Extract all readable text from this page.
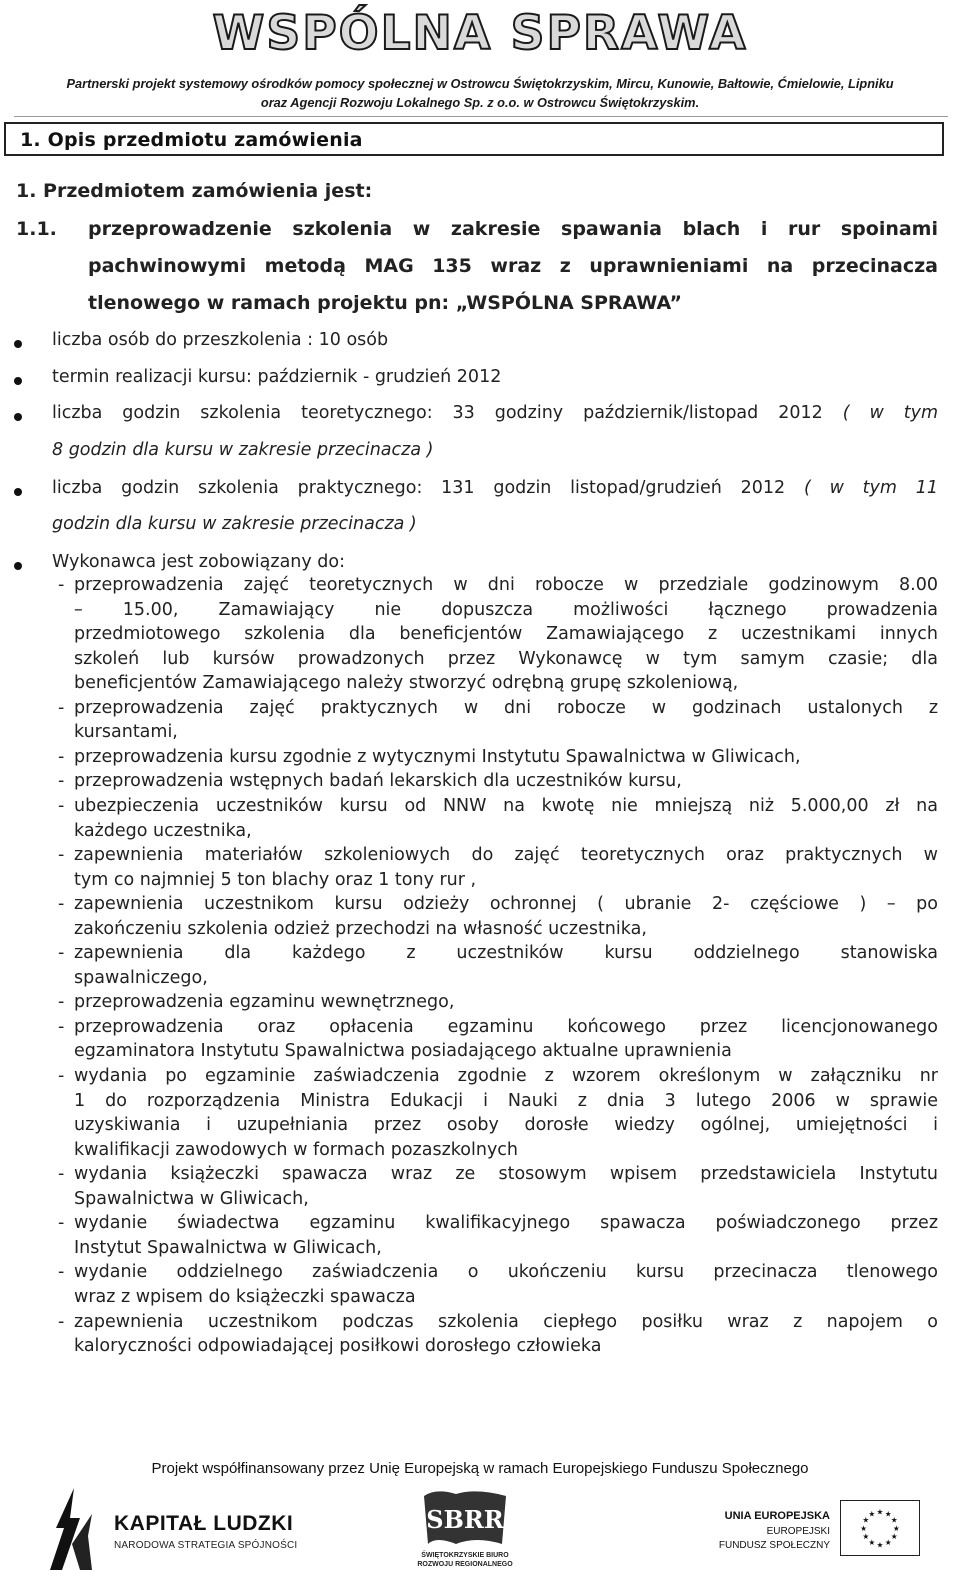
WSPÓLNA SPRAWA
Partnerski projekt systemowy ośrodków pomocy społecznej w Ostrowcu Świętokrzyskim, Mircu, Kunowie, Bałtowie, Ćmielowie, Lipniku
oraz Agencji Rozwoju Lokalnego Sp. z o.o. w Ostrowcu Świętokrzyskim.
1. Opis przedmiotu zamówienia
1. Przedmiotem zamówienia jest:
1.1. przeprowadzenie szkolenia w zakresie spawania blach i rur spoinami
pachwinowymi metodą MAG 135 wraz z uprawnieniami na przecinacza
tlenowego w ramach projektu pn: „WSPÓLNA SPRAWA”
liczba osób do przeszkolenia : 10 osób
termin realizacji kursu: październik - grudzień 2012
liczba godzin szkolenia teoretycznego: 33 godziny październik/listopad 2012 ( w tym
8 godzin dla kursu w zakresie przecinacza )
liczba godzin szkolenia praktycznego: 131 godzin listopad/grudzień 2012 ( w tym 11
godzin dla kursu w zakresie przecinacza )
Wykonawca jest zobowiązany do:
- przeprowadzenia zajęć teoretycznych w dni robocze w przedziale godzinowym 8.00
– 15.00, Zamawiający nie dopuszcza możliwości łącznego prowadzenia
przedmiotowego szkolenia dla beneficjentów Zamawiającego z uczestnikami innych
szkoleń lub kursów prowadzonych przez Wykonawcę w tym samym czasie; dla
beneficjentów Zamawiającego należy stworzyć odrębną grupę szkoleniową,
- przeprowadzenia zajęć praktycznych w dni robocze w godzinach ustalonych z
kursantami,
- przeprowadzenia kursu zgodnie z wytycznymi Instytutu Spawalnictwa w Gliwicach,
- przeprowadzenia wstępnych badań lekarskich dla uczestników kursu,
- ubezpieczenia uczestników kursu od NNW na kwotę nie mniejszą niż 5.000,00 zł na
każdego uczestnika,
- zapewnienia materiałów szkoleniowych do zajęć teoretycznych oraz praktycznych w
tym co najmniej 5 ton blachy oraz 1 tony rur ,
- zapewnienia uczestnikom kursu odzieży ochronnej ( ubranie 2- częściowe ) – po
zakończeniu szkolenia odzież przechodzi na własność uczestnika,
- zapewnienia dla każdego z uczestników kursu oddzielnego stanowiska
spawalniczego,
- przeprowadzenia egzaminu wewnętrznego,
- przeprowadzenia oraz opłacenia egzaminu końcowego przez licencjonowanego
egzaminatora Instytutu Spawalnictwa posiadającego aktualne uprawnienia
- wydania po egzaminie zaświadczenia zgodnie z wzorem określonym w załączniku nr
1 do rozporządzenia Ministra Edukacji i Nauki z dnia 3 lutego 2006 w sprawie
uzyskiwania i uzupełniania przez osoby dorosłe wiedzy ogólnej, umiejętności i
kwalifikacji zawodowych w formach pozaszkolnych
- wydania książeczki spawacza wraz ze stosowym wpisem przedstawiciela Instytutu
Spawalnictwa w Gliwicach,
- wydanie świadectwa egzaminu kwalifikacyjnego spawacza poświadczonego przez
Instytut Spawalnictwa w Gliwicach,
- wydanie oddzielnego zaświadczenia o ukończeniu kursu przecinacza tlenowego
wraz z wpisem do książeczki spawacza
- zapewnienia uczestnikom podczas szkolenia ciepłego posiłku wraz z napojem o
kaloryczności odpowiadającej posiłkowi dorosłego człowieka
Projekt współfinansowany przez Unię Europejską w ramach Europejskiego Funduszu Społecznego
KAPITAŁ LUDZKI
NARODOWA STRATEGIA SPÓJNOŚCI
SBRR
ŚWIĘTOKRZYSKIE BIURO
ROZWOJU REGIONALNEGO
UNIA EUROPEJSKA
EUROPEJSKI
FUNDUSZ SPOŁECZNY
★
★
★
★
★
★
★
★
★ ★ ★
★
